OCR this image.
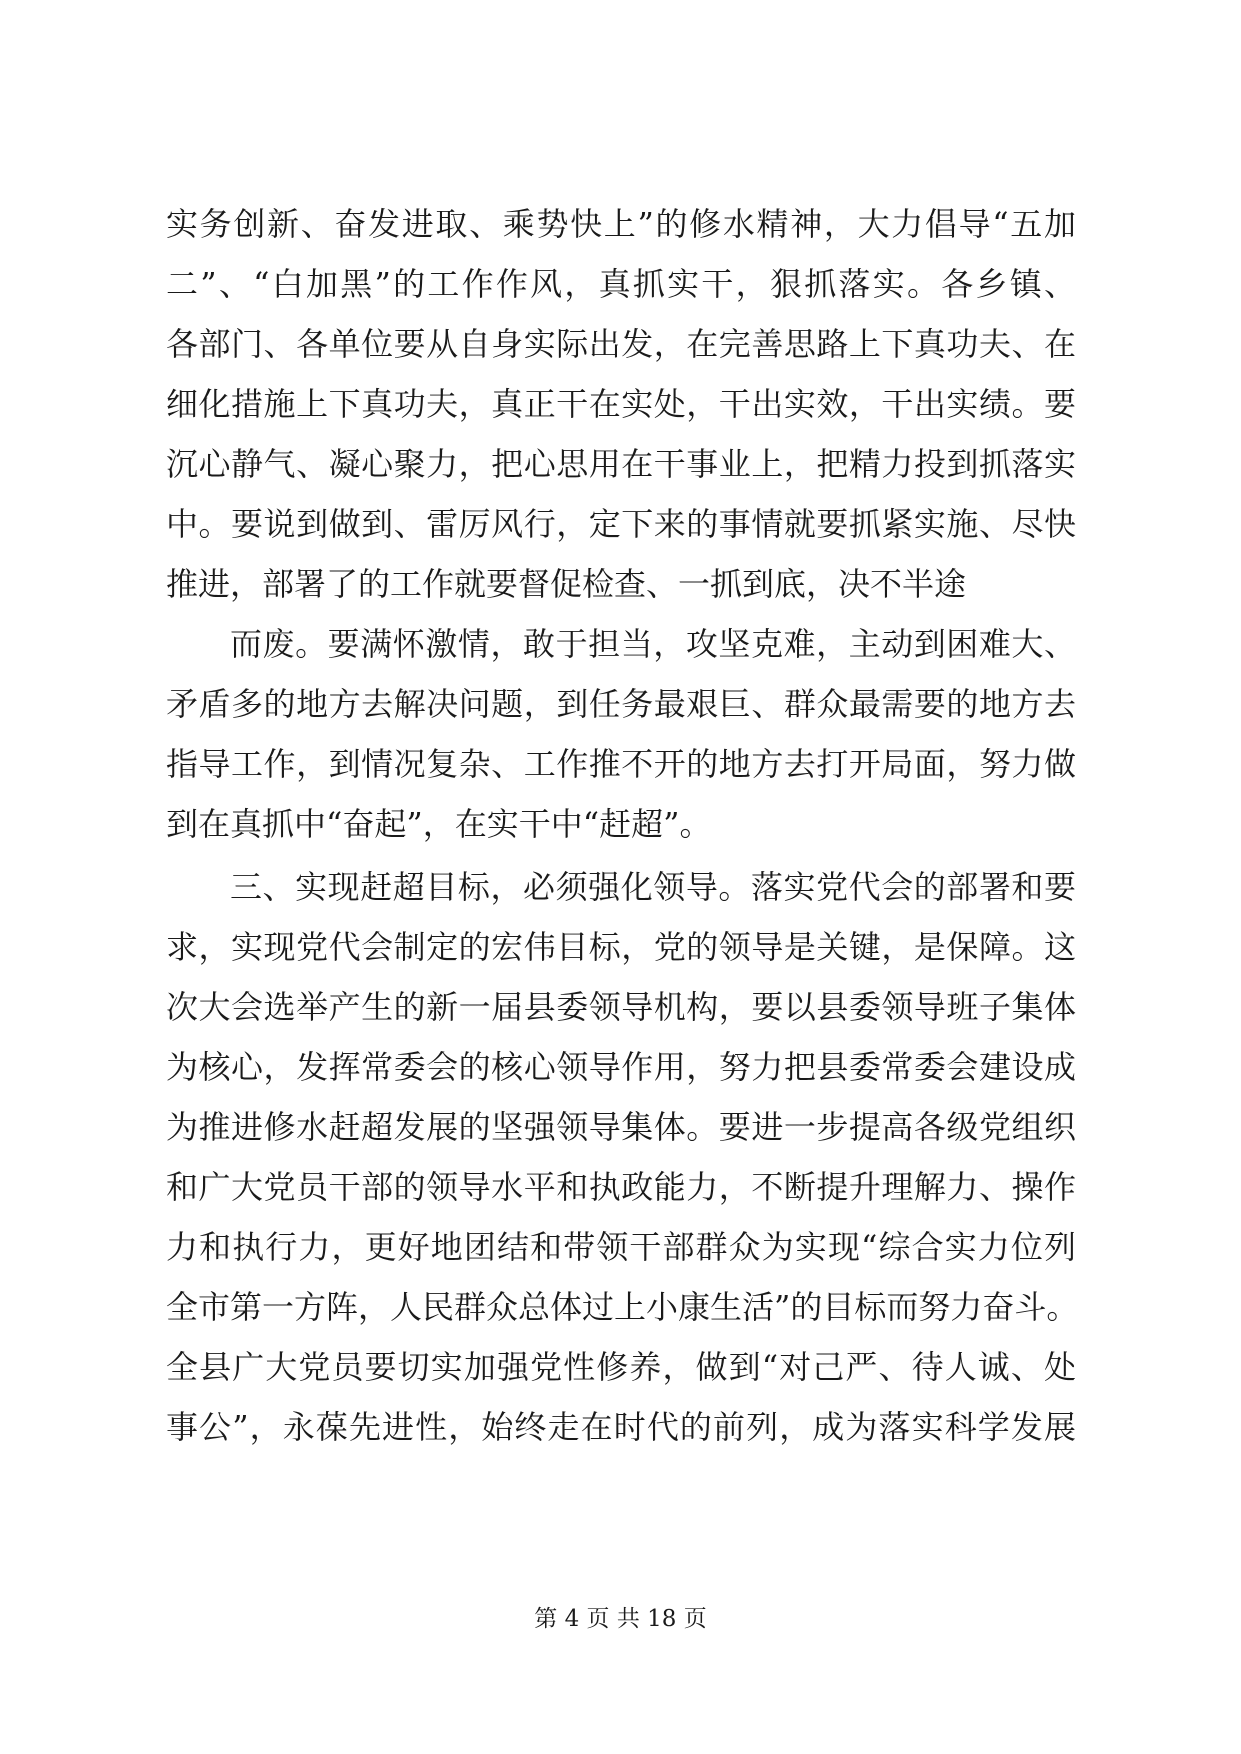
实务创新、奋发进取、乘势快上”的修水精神，大力倡导“五加
二”、“白加黑”的工作作风，真抓实干，狠抓落实。各乡镇、
各部门、各单位要从自身实际出发，在完善思路上下真功夫、在
细化措施上下真功夫，真正干在实处，干出实效，干出实绩。要
沉心静气、凝心聚力，把心思用在干事业上，把精力投到抓落实
中。要说到做到、雷厉风行，定下来的事情就要抓紧实施、尽快
推进，部署了的工作就要督促检查、一抓到底，决不半途
而废。要满怀激情，敢于担当，攻坚克难，主动到困难大、
矛盾多的地方去解决问题，到任务最艰巨、群众最需要的地方去
指导工作，到情况复杂、工作推不开的地方去打开局面，努力做
到在真抓中“奋起”，在实干中“赶超”。
三、实现赶超目标，必须强化领导。落实党代会的部署和要
求，实现党代会制定的宏伟目标，党的领导是关键，是保障。这
次大会选举产生的新一届县委领导机构，要以县委领导班子集体
为核心，发挥常委会的核心领导作用，努力把县委常委会建设成
为推进修水赶超发展的坚强领导集体。要进一步提高各级党组织
和广大党员干部的领导水平和执政能力，不断提升理解力、操作
力和执行力，更好地团结和带领干部群众为实现“综合实力位列
全市第一方阵，人民群众总体过上小康生活”的目标而努力奋斗。
全县广大党员要切实加强党性修养，做到“对己严、待人诚、处
事公”，永葆先进性，始终走在时代的前列，成为落实科学发展
第 4 页 共 18 页
